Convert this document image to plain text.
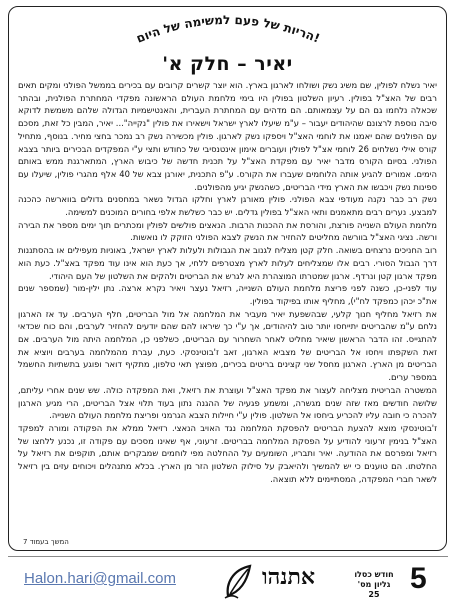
הריות של פעם למשימה של היום!
יאיר – חלק א'

יאיר נשלח לפולין, שם משיג נשק ושולחו לארגון בארץ. הוא יוצר קשרים קרובים עם בכירים בממשל הפולני ומקים תאים רבים של האצ"ל בפולין. רעיון השלטון בפולין היו בימי מלחמת העולם הראשונה מפקדי המחתרת הפולנית, ובהתר שכאלה נלחמו גם הם על עצמאותם. הם מדהים עם המחתרת העברית, והאנטישמיות הגדולה שלהם משמשת לדוקא סיבה נוספת לרצונם שהיהודים יעבור – ע"מ שיעלו לארץ ישראל וישאירו את פולין "נקייה"... יאיר, המבין כל זאת, מסכם עם הפולנים שהם יאמנו את לוחמי האצ"ל ויספקו נשק לארגון. פולין מכשירה נשק רב נמכר בחצי מחיר. בנוסף, מתחיל קורס אילי נשלחים 26 לוחמי אצ"ל לפולין ועוברים אימון אינטנסיבי של כחודש ותצי ע"י המפקדים הבכירים ביותר בצבא הפולני. בסיום הקורס מדבר יאיר עם מפקדת האצ"ל על תכנית חדשה של כיבוש הארץ, המתארגנת ממש באותם הימים. אמורים להגיע אותה הלוחמים שעברו את הקורס. ע"פ התכנית, יאורגן צבא של 40 אלף מהגרי פולין, שיעלו עם ספינות נשק ויכבשו את הארץ מידי הבריטים, כשהנשק יגיע מהפולנים.

נשק רב כבר נקנה מעודפי צבא הפולני. פולין מאורגן לארץ וחלקו הגדול נשאר במחסנים גדולים בווארשה כהכנה למבצע. נערים רבים מתאמנים ותאי האצ"ל בפולין גדלים. יש כבר כשלשת אלפי בחורים המוכנים למשימה.

מלחמת העולם השנייה פורצת, והורסת את ההכנות הרבות. הנאצים פולשים לפולין ומכתרים תוך ימים מספר את הבירה ורשה. נציגי האצ"ל בוורשה מחליטים להחזיר את הנשק לצבא הפולני הזוקק לו נואשות.

רוב החניכים נרצחים בשואה. חלק קטן מצליח לגנוב את הגבולות ולעלות לארץ ישראל, באוניות מעפילים או בהסתננות דרך הגבול הסורי. רבים אלו שמצליחים לעלות לארץ מצטרפים ללחי, אך כעת הוא אינו עוד מפקד באצ"ל. כעת הוא מפקד ארגון קטן ונרדף. ארגון שמטרתו המוצהרת היא לגרש את הבריטים ולהקים את השלטון של העם היהודי.

עוד לפני-כן, כשנה לפני פריצת מלחמת העולם השנייה, רזיאל נעצר ויאיר נקרא ארצה. נתן ילין-מור (שמספר שנים את"כ יכהן כמפקד לח"י), מחליף אותו בפיקוד בפולין.

את רזיאל מחליף חנוך קלעי, שבהשפעת יאיר מעביר את המלחמה אל מול הבריטים, חלף הערבים. עד אז הארגון נלחם ע"מ שהבריטים יתייחסו יותר טוב להיהודים, אך ע"י כך שיראו להם שהם יודעים להחזיר לערבים, והם כוח שכדאי להתגייס. זהו הדבר הראשון שיאיר מחליט לאחר השחרור עם הבריטים, כשלפני כן, המלחמה היתה מול הערבים. אם זאת השקפתו ויחסו אל הבריטים של מצביא הארגון, זאב ז'בוטינסקי. כעת, עברת מהמלחמה בערבים ויוציא את הבריטים מן הארץ. הארגון מחסל שני קצינים בריטים בכירים, מפוצץ תאי טלפון, מתקיף דואר ופוגע בתשתיות החשמל במספר ערים.

המשטרה הבריטית מצליחה לעצור את מפקד האצ"ל ועוצרת את רזיאל, ואת המפקדה כולה. שש שנים אחרי עליתם, שלושה חודשים מאז שזה שנים מגשרה, ומשמע פגעיה של ההגנה נתון בעוד תלוי אצל הבריטים, הרי מגיע הארגון להכרה כי חובה עליו להכריע ביחסו אל השלטון. פולין ע"י חיילות הצבא הגרמני ופריצת מלחמת העולם השנייה.

ז'בוטינסקי מוצא להצעת הבריטים להפסקת המלחמה נגד האויב הנאצי. רזיאל ממלא את הפקודה ומורה למפקד האצ"ל בנימין זרעוני להודיע על הפסקת המלחמה בבריטים. זרעוני, אף שאינו מסכים עם פקודה זו, נכנע ללחצו של רזיאל ומפרסם את ההודעה. יאיר ותבריו, השומעים על ההחלטה מפי לוחמים שמבקרים אותם, תוקפים את רזיאל על החלטתו. הם טוענים כי יש להמשיך ולהיאבק על סילוק השלטון הזר מן הארץ. בכלא מתנהלים ויכוחים עזים בין רזיאל לשאר חברי המפקדה, המסתיימים ללא תוצאה.

המשך בעמוד 7
Halon.hari@gmail.com	אתנהו	חודש כסלו
גליון מס' 25	5
